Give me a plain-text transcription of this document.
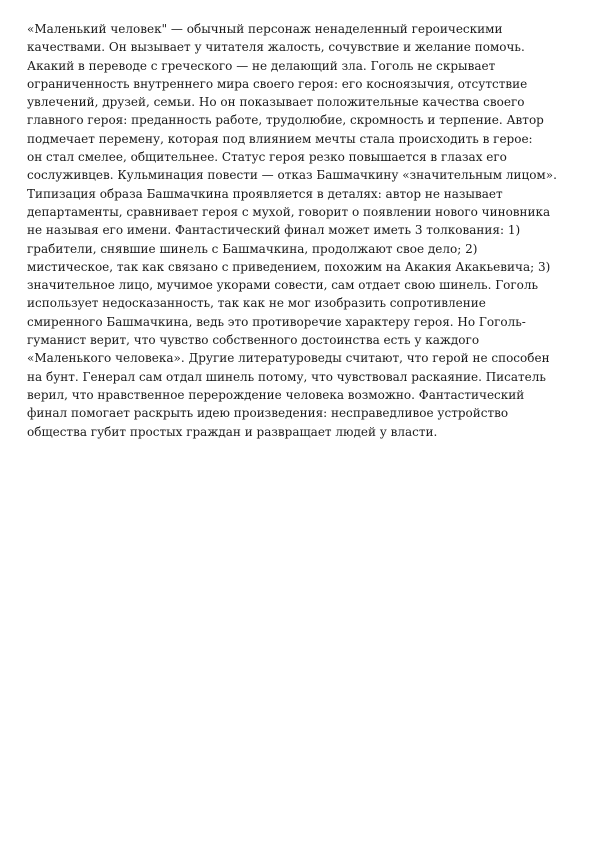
«Маленький человек" — обычный персонаж ненаделенный героическими
качествами. Он вызывает у читателя жалость, сочувствие и желание помочь.
Акакий в переводе с греческого — не делающий зла. Гоголь не скрывает
ограниченность внутреннего мира своего героя: его косноязычия, отсутствие
увлечений, друзей, семьи. Но он показывает положительные качества своего
главного героя: преданность работе, трудолюбие, скромность и терпение. Автор
подмечает перемену, которая под влиянием мечты стала происходить в герое:
он стал смелее, общительнее. Статус героя резко повышается в глазах его
сослуживцев. Кульминация повести — отказ Башмачкину «значительным лицом».
Типизация образа Башмачкина проявляется в деталях: автор не называет
департаменты, сравнивает героя с мухой, говорит о появлении нового чиновника
не называя его имени. Фантастический финал может иметь 3 толкования: 1)
грабители, снявшие шинель с Башмачкина, продолжают свое дело; 2)
мистическое, так как связано с приведением, похожим на Акакия Акакьевича; 3)
значительное лицо, мучимое укорами совести, сам отдает свою шинель. Гоголь
использует недосказанность, так как не мог изобразить сопротивление
смиренного Башмачкина, ведь это противоречие характеру героя. Но Гоголь-
гуманист верит, что чувство собственного достоинства есть у каждого
«Маленького человека». Другие литературоведы считают, что герой не способен
на бунт. Генерал сам отдал шинель потому, что чувствовал раскаяние. Писатель
верил, что нравственное перерождение человека возможно. Фантастический
финал помогает раскрыть идею произведения: несправедливое устройство
общества губит простых граждан и развращает людей у власти.
